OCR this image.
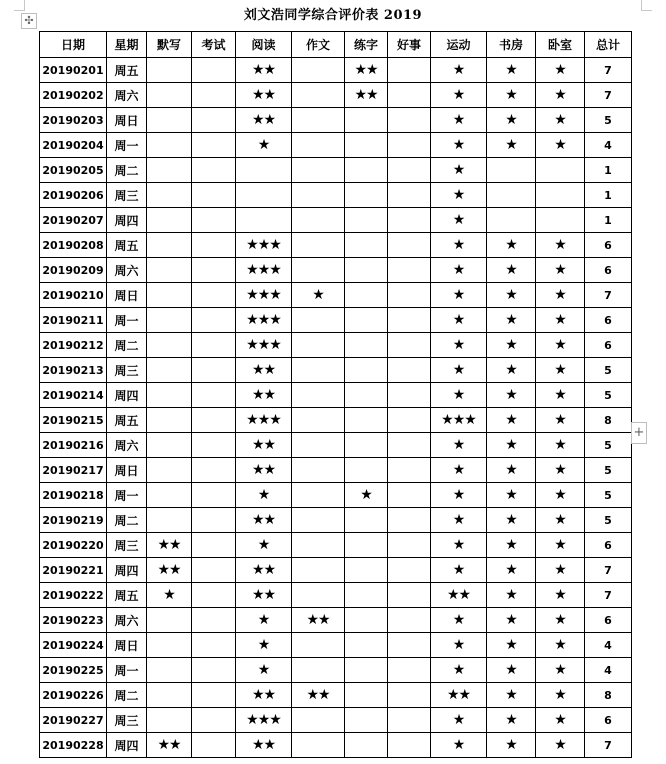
✣	刘文浩同学综合评价表 2019
日期	星期	默写	考试	阅读	作文	练字	好事	运动	书房	卧室	总计
20190201	周五			★★		★★		★	★	★	7
20190202	周六			★★		★★		★	★	★	7
20190203	周日			★★				★	★	★	5
20190204	周一			★				★	★	★	4
20190205	周二							★			1
20190206	周三							★			1
20190207	周四							★			1
20190208	周五			★★★				★	★	★	6
20190209	周六			★★★				★	★	★	6
20190210	周日			★★★	★			★	★	★	7
20190211	周一			★★★				★	★	★	6
20190212	周二			★★★				★	★	★	6
20190213	周三			★★				★	★	★	5
20190214	周四			★★				★	★	★	5
20190215	周五			★★★				★★★	★	★	8
20190216	周六			★★				★	★	★	5
20190217	周日			★★				★	★	★	5
20190218	周一			★		★		★	★	★	5
20190219	周二			★★				★	★	★	5
20190220	周三	★★		★				★	★	★	6
20190221	周四	★★		★★				★	★	★	7
20190222	周五	★		★★				★★	★	★	7
20190223	周六			★	★★			★	★	★	6
20190224	周日			★				★	★	★	4
20190225	周一			★				★	★	★	4
20190226	周二			★★	★★			★★	★	★	8
20190227	周三			★★★				★	★	★	6
20190228	周四	★★		★★				★	★	★	7
+
